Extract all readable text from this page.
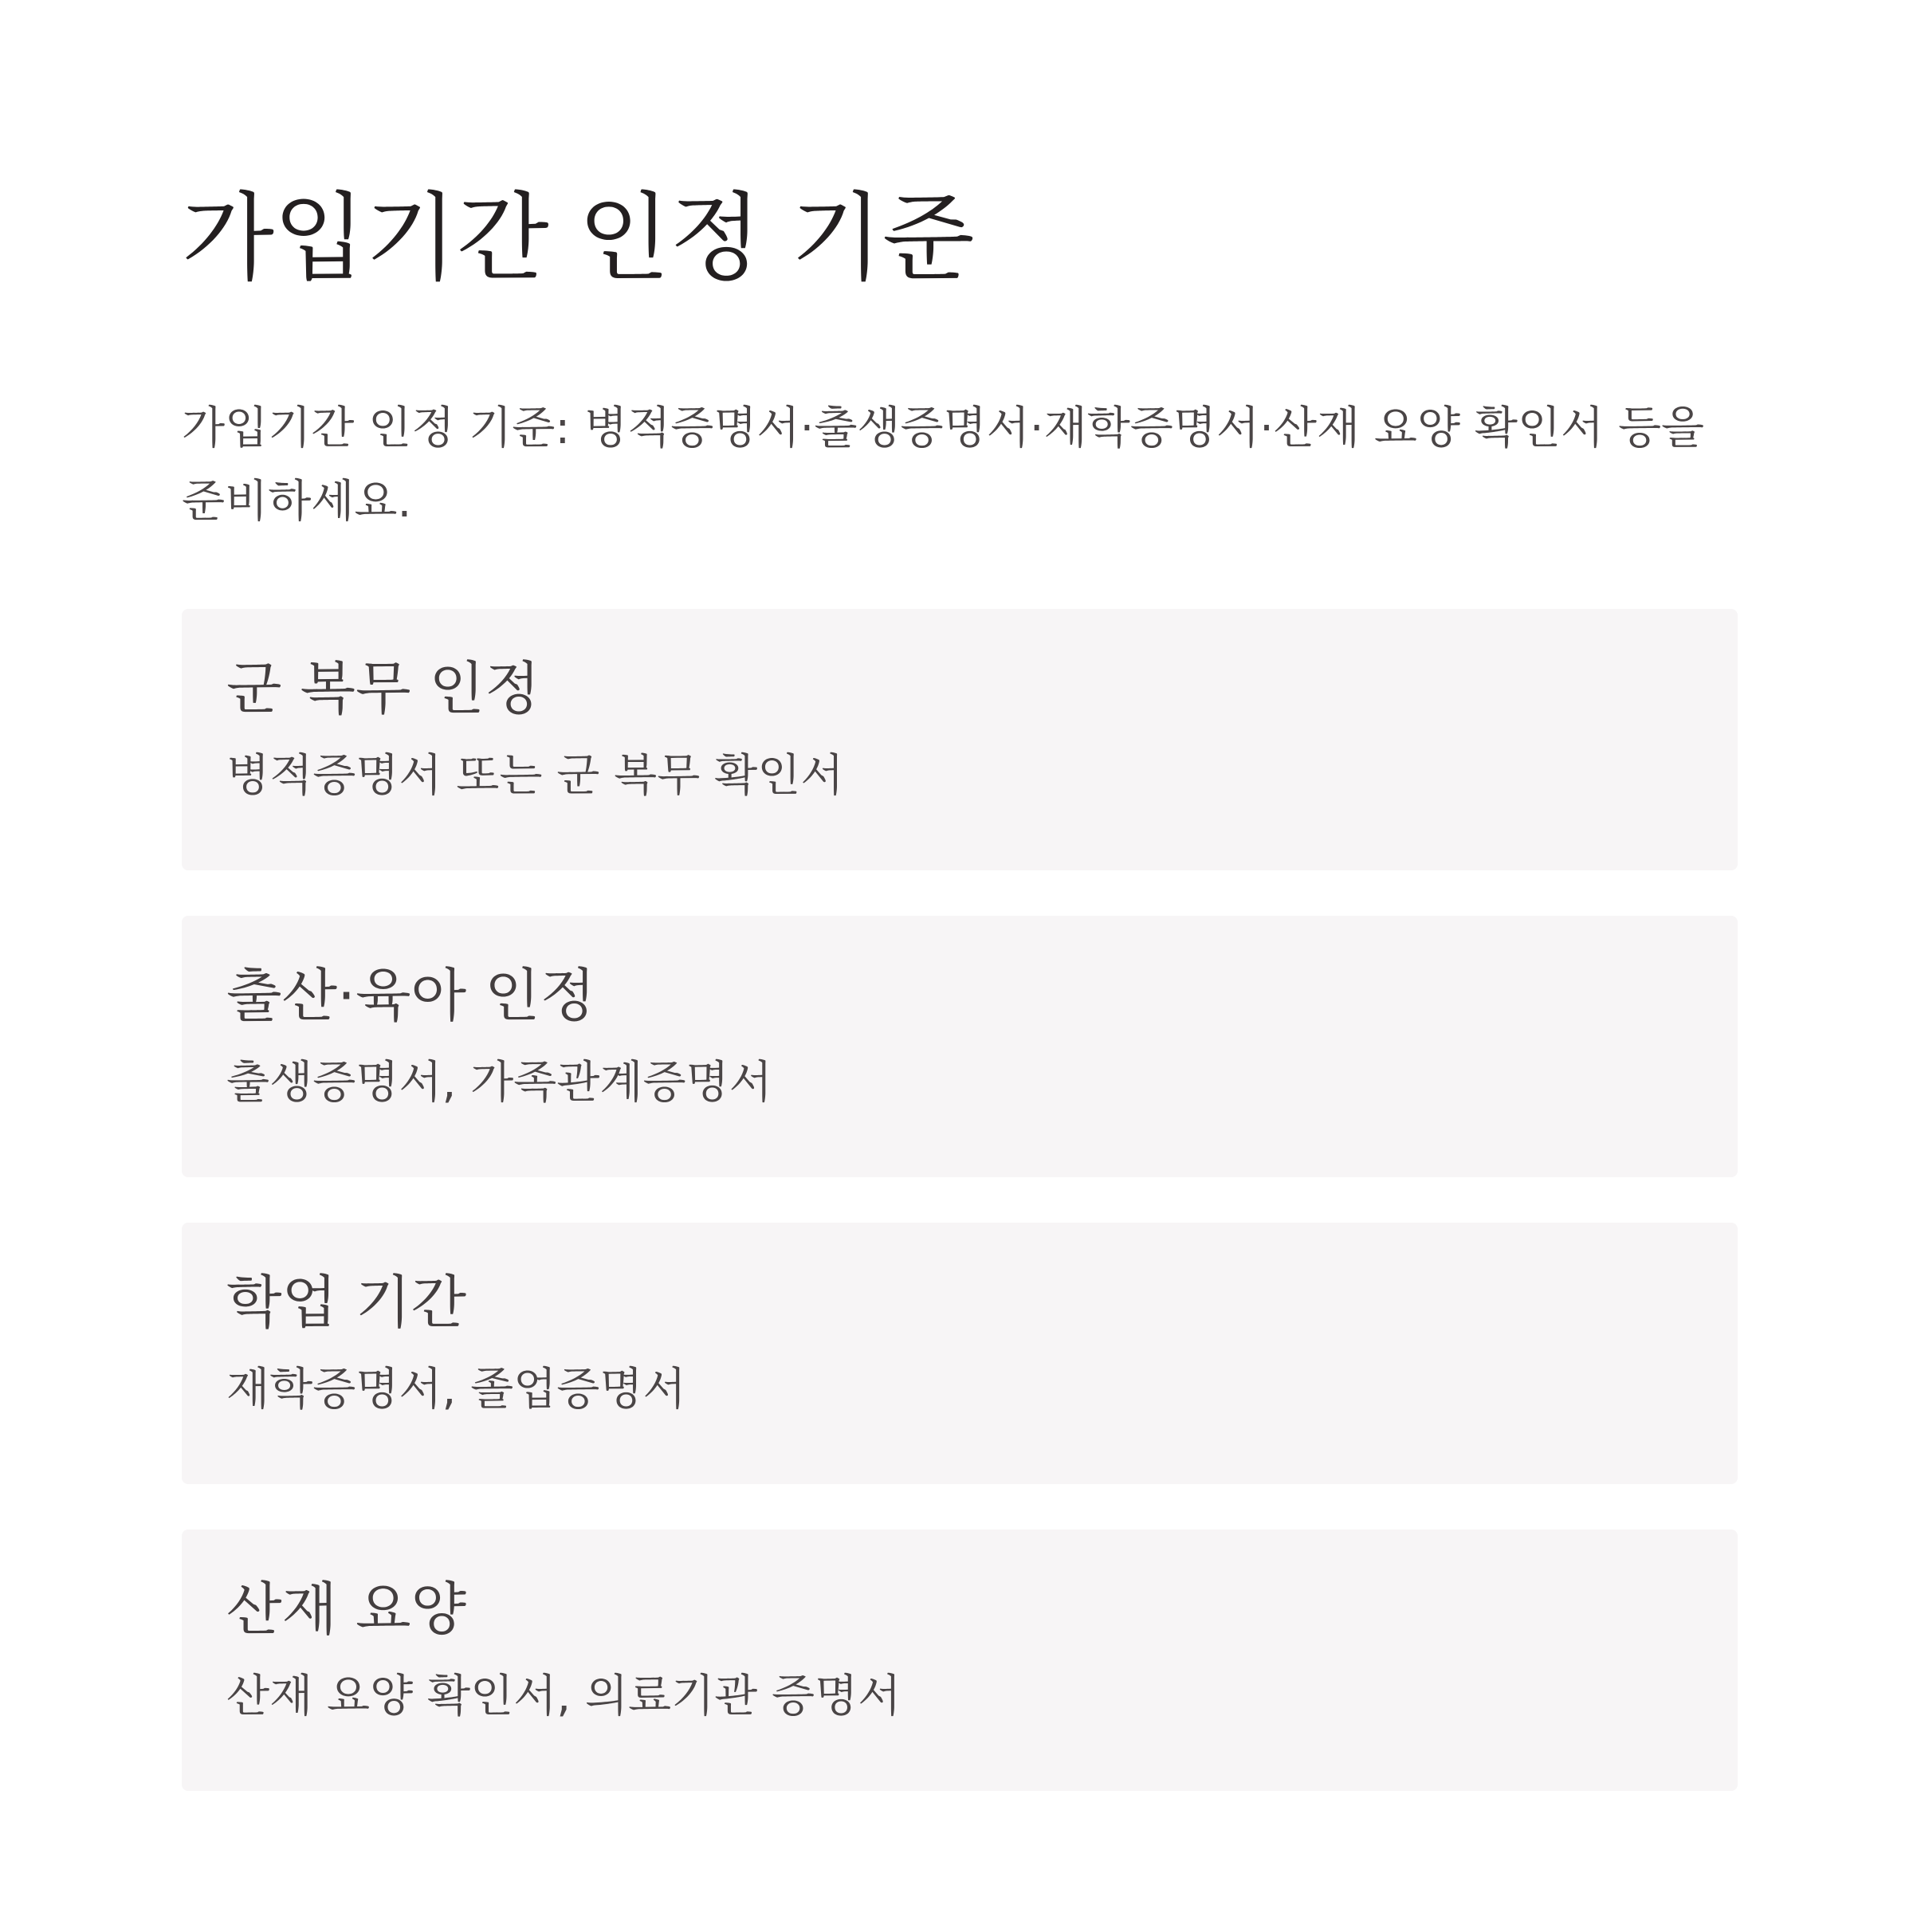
가입기간 인정 기준

가입기간 인정 기준: 병적증명서·출생증명서·재학증명서·산재 요양 확인서 등을 준비하세요.

군 복무 인정

병적증명서 또는 군 복무 확인서

출산·육아 인정

출생증명서, 가족관계증명서

학업 기간

재학증명서, 졸업증명서

산재 요양

산재 요양 확인서, 의료기관 증명서
